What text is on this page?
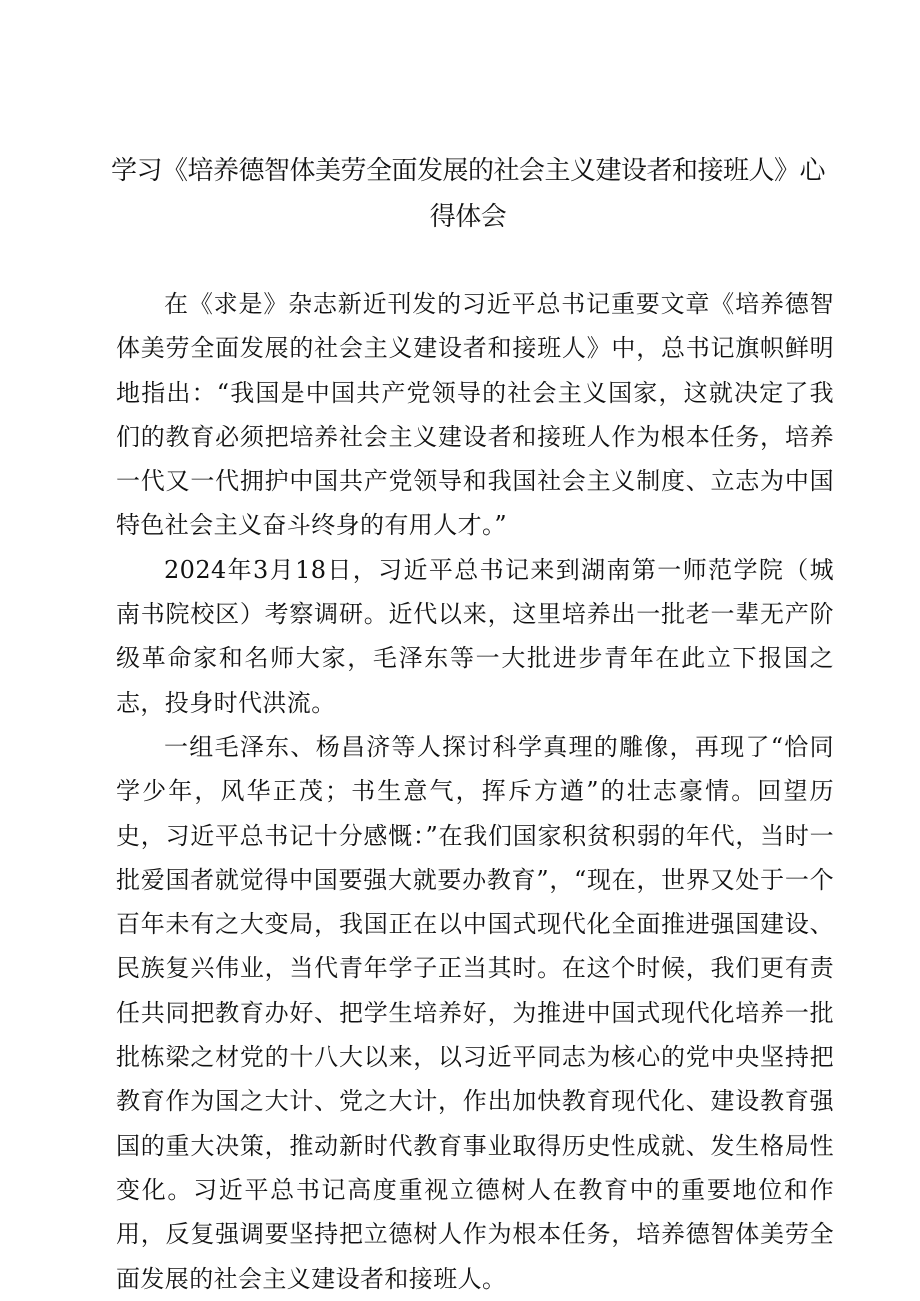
学习《培养德智体美劳全面发展的社会主义建设者和接班人》心得体会

在《求是》杂志新近刊发的习近平总书记重要文章《培养德智体美劳全面发展的社会主义建设者和接班人》中，总书记旗帜鲜明地指出：“我国是中国共产党领导的社会主义国家，这就决定了我们的教育必须把培养社会主义建设者和接班人作为根本任务，培养一代又一代拥护中国共产党领导和我国社会主义制度、立志为中国特色社会主义奋斗终身的有用人才。”

2024年3月18日，习近平总书记来到湖南第一师范学院（城南书院校区）考察调研。近代以来，这里培养出一批老一辈无产阶级革命家和名师大家，毛泽东等一大批进步青年在此立下报国之志，投身时代洪流。

一组毛泽东、杨昌济等人探讨科学真理的雕像，再现了“恰同学少年，风华正茂；书生意气，挥斥方遒”的壮志豪情。回望历史，习近平总书记十分感慨：”在我们国家积贫积弱的年代，当时一批爱国者就觉得中国要强大就要办教育”，“现在，世界又处于一个百年未有之大变局，我国正在以中国式现代化全面推进强国建设、民族复兴伟业，当代青年学子正当其时。在这个时候，我们更有责任共同把教育办好、把学生培养好，为推进中国式现代化培养一批批栋梁之材党的十八大以来，以习近平同志为核心的党中央坚持把教育作为国之大计、党之大计，作出加快教育现代化、建设教育强国的重大决策，推动新时代教育事业取得历史性成就、发生格局性变化。习近平总书记高度重视立德树人在教育中的重要地位和作用，反复强调要坚持把立德树人作为根本任务，培养德智体美劳全面发展的社会主义建设者和接班人。
